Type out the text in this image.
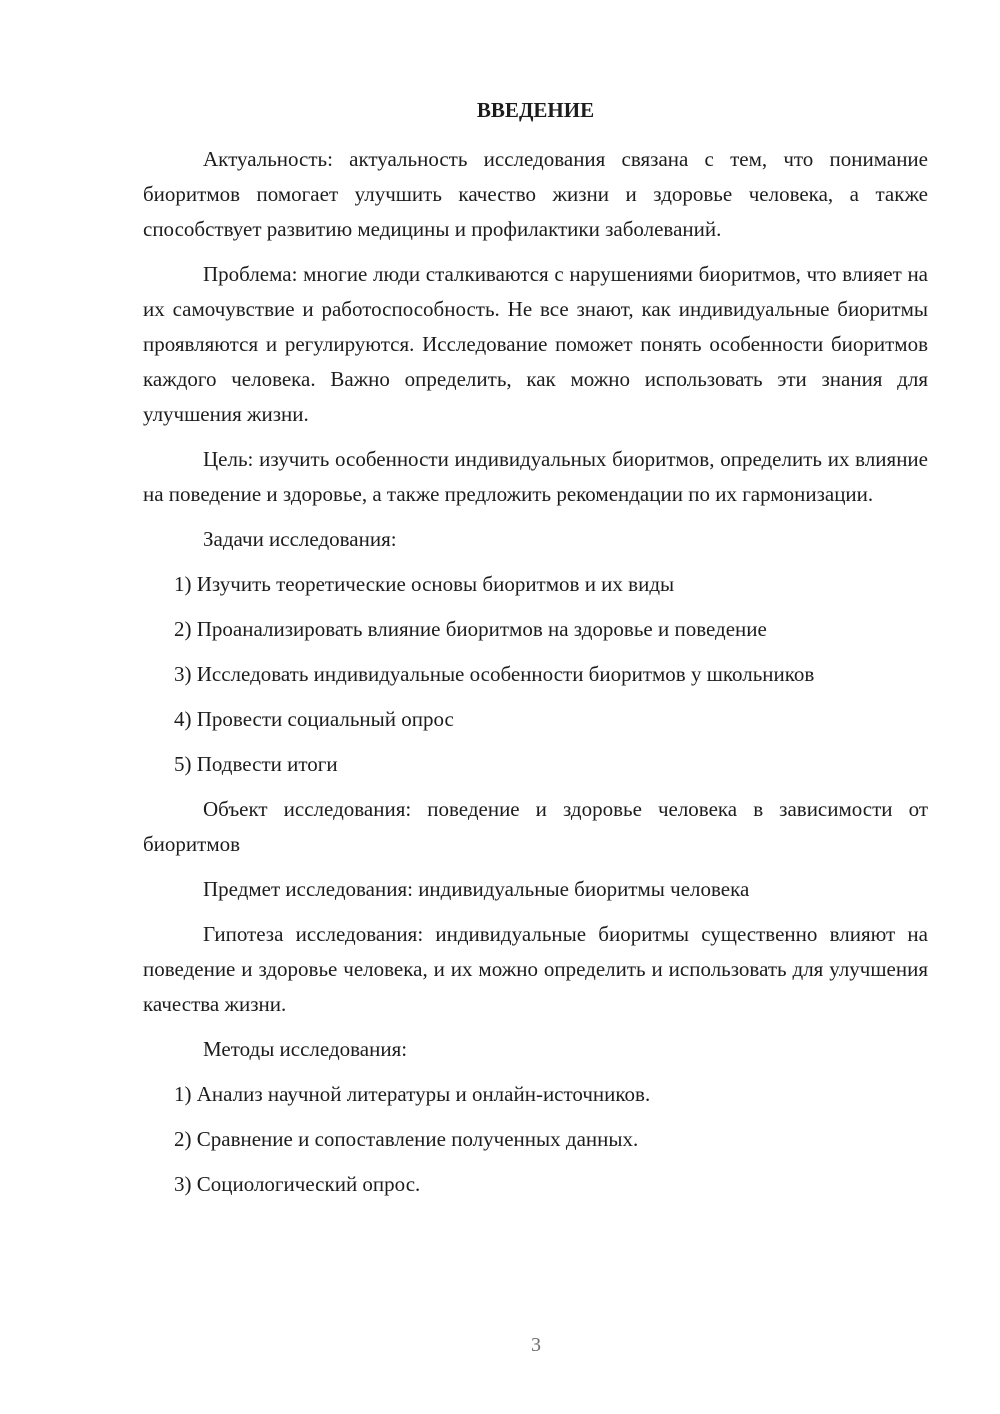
ВВЕДЕНИЕ

Актуальность: актуальность исследования связана с тем, что понимание биоритмов помогает улучшить качество жизни и здоровье человека, а также способствует развитию медицины и профилактики заболеваний.

Проблема: многие люди сталкиваются с нарушениями биоритмов, что влияет на их самочувствие и работоспособность. Не все знают, как индивидуальные биоритмы проявляются и регулируются. Исследование поможет понять особенности биоритмов каждого человека. Важно определить, как можно использовать эти знания для улучшения жизни.

Цель: изучить особенности индивидуальных биоритмов, определить их влияние на поведение и здоровье, а также предложить рекомендации по их гармонизации.

Задачи исследования:

1) Изучить теоретические основы биоритмов и их виды

2) Проанализировать влияние биоритмов на здоровье и поведение

3) Исследовать индивидуальные особенности биоритмов у школьников

4) Провести социальный опрос

5) Подвести итоги

Объект исследования: поведение и здоровье человека в зависимости от биоритмов

Предмет исследования: индивидуальные биоритмы человека

Гипотеза исследования: индивидуальные биоритмы существенно влияют на поведение и здоровье человека, и их можно определить и использовать для улучшения качества жизни.

Методы исследования:

1) Анализ научной литературы и онлайн-источников.

2) Сравнение и сопоставление полученных данных.

3) Социологический опрос.

3
